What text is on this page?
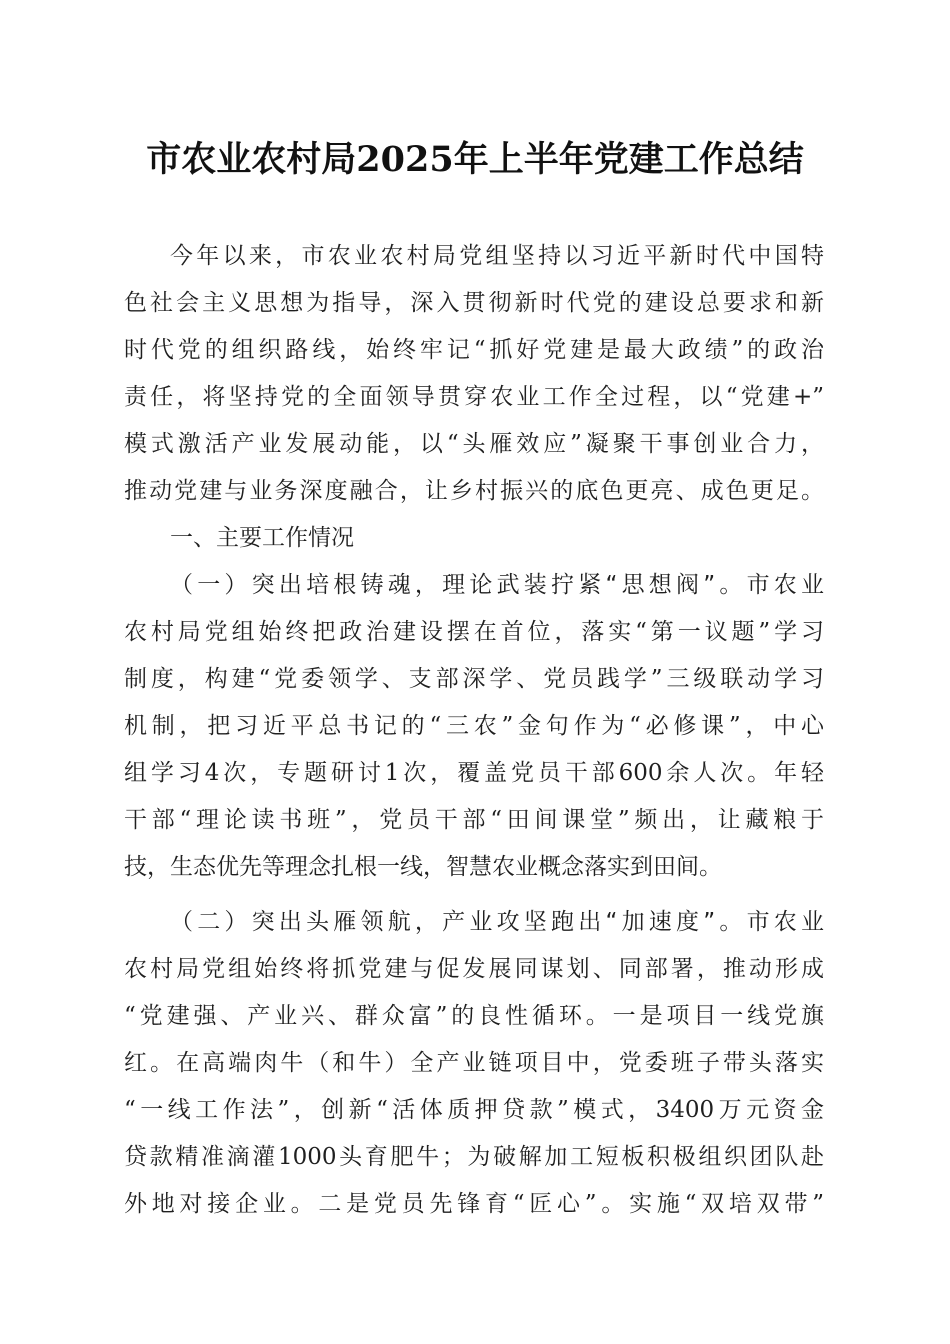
市农业农村局2025年上半年党建工作总结
今年以来，市农业农村局党组坚持以习近平新时代中国特
色社会主义思想为指导，深入贯彻新时代党的建设总要求和新
时代党的组织路线，始终牢记“抓好党建是最大政绩”的政治
责任，将坚持党的全面领导贯穿农业工作全过程，以“党建+”
模式激活产业发展动能，以“头雁效应”凝聚干事创业合力，
推动党建与业务深度融合，让乡村振兴的底色更亮、成色更足。
一、主要工作情况
（一）突出培根铸魂，理论武装拧紧“思想阀”。市农业
农村局党组始终把政治建设摆在首位，落实“第一议题”学习
制度，构建“党委领学、支部深学、党员践学”三级联动学习
机制，把习近平总书记的“三农”金句作为“必修课”，中心
组学习4次，专题研讨1次，覆盖党员干部600余人次。年轻
干部“理论读书班”，党员干部“田间课堂”频出，让藏粮于
技，生态优先等理念扎根一线，智慧农业概念落实到田间。
（二）突出头雁领航，产业攻坚跑出“加速度”。市农业
农村局党组始终将抓党建与促发展同谋划、同部署，推动形成
“党建强、产业兴、群众富”的良性循环。一是项目一线党旗
红。在高端肉牛（和牛）全产业链项目中，党委班子带头落实
“一线工作法”，创新“活体质押贷款”模式，3400万元资金
贷款精准滴灌1000头育肥牛；为破解加工短板积极组织团队赴
外地对接企业。二是党员先锋育“匠心”。实施“双培双带”
